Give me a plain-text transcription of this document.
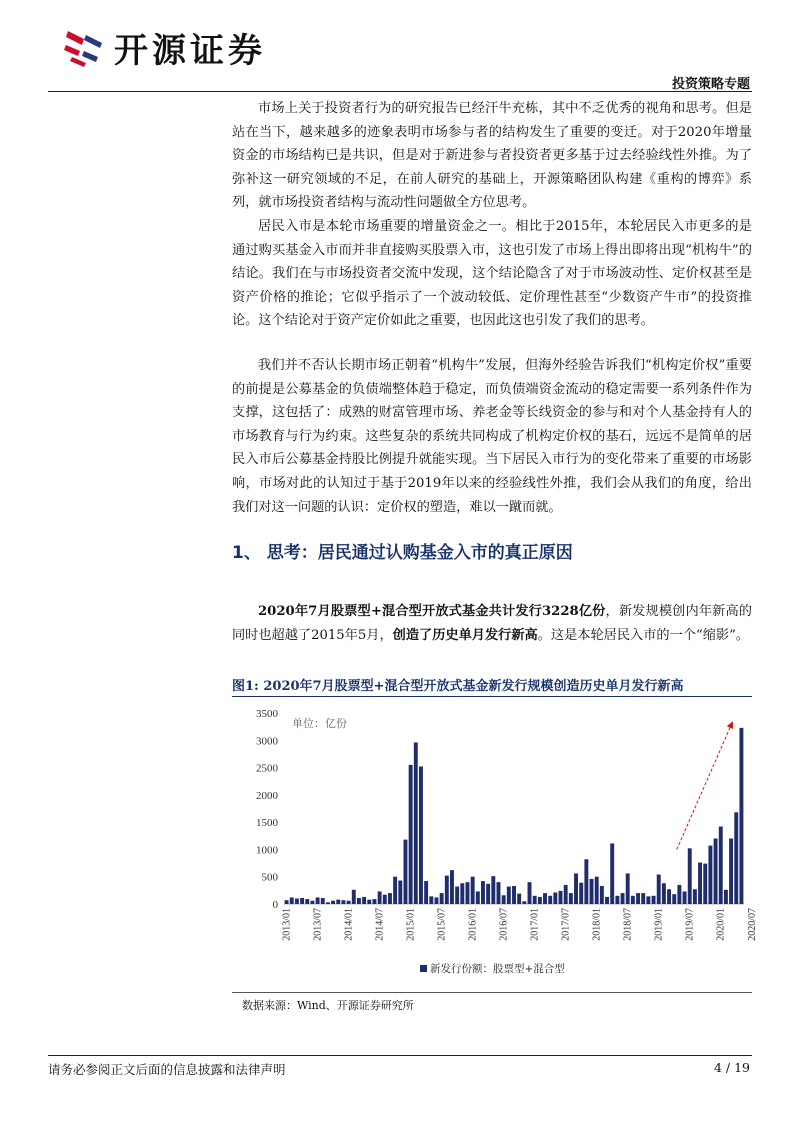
开源证券
投资策略专题

市场上关于投资者行为的研究报告已经汗牛充栋，其中不乏优秀的视角和思考。但是站在当下，越来越多的迹象表明市场参与者的结构发生了重要的变迁。对于2020年增量资金的市场结构已是共识，但是对于新进参与者投资者更多基于过去经验线性外推。为了弥补这一研究领域的不足，在前人研究的基础上，开源策略团队构建《重构的博弈》系列，就市场投资者结构与流动性问题做全方位思考。

居民入市是本轮市场重要的增量资金之一。相比于2015年，本轮居民入市更多的是通过购买基金入市而并非直接购买股票入市，这也引发了市场上得出即将出现“机构牛”的结论。我们在与市场投资者交流中发现，这个结论隐含了对于市场波动性、定价权甚至是资产价格的推论；它似乎指示了一个波动较低、定价理性甚至“少数资产牛市”的投资推论。这个结论对于资产定价如此之重要，也因此这也引发了我们的思考。

我们并不否认长期市场正朝着“机构牛”发展，但海外经验告诉我们“机构定价权”重要的前提是公募基金的负债端整体趋于稳定，而负债端资金流动的稳定需要一系列条件作为支撑，这包括了：成熟的财富管理市场、养老金等长线资金的参与和对个人基金持有人的市场教育与行为约束。这些复杂的系统共同构成了机构定价权的基石，远远不是简单的居民入市后公募基金持股比例提升就能实现。当下居民入市行为的变化带来了重要的市场影响，市场对此的认知过于基于2019年以来的经验线性外推，我们会从我们的角度，给出我们对这一问题的认识：定价权的塑造，难以一蹴而就。

1、 思考：居民通过认购基金入市的真正原因

2020年7月股票型+混合型开放式基金共计发行3228亿份，新发规模创内年新高的同时也超越了2015年5月，创造了历史单月发行新高。这是本轮居民入市的一个“缩影”。

图1: 2020年7月股票型+混合型开放式基金新发行规模创造历史单月发行新高
0
500
1000
1500
2000
2500
3000
3500
2013/01 2013/07 2014/01 2014/07 2015/01 2015/07 2016/01 2016/07 2017/01 2017/07 2018/01 2018/07 2019/01 2019/07 2020/01 2020/07
单位：亿份
新发行份额：股票型+混合型
数据来源：Wind、开源证券研究所
请务必参阅正文后面的信息披露和法律声明	4 / 19
